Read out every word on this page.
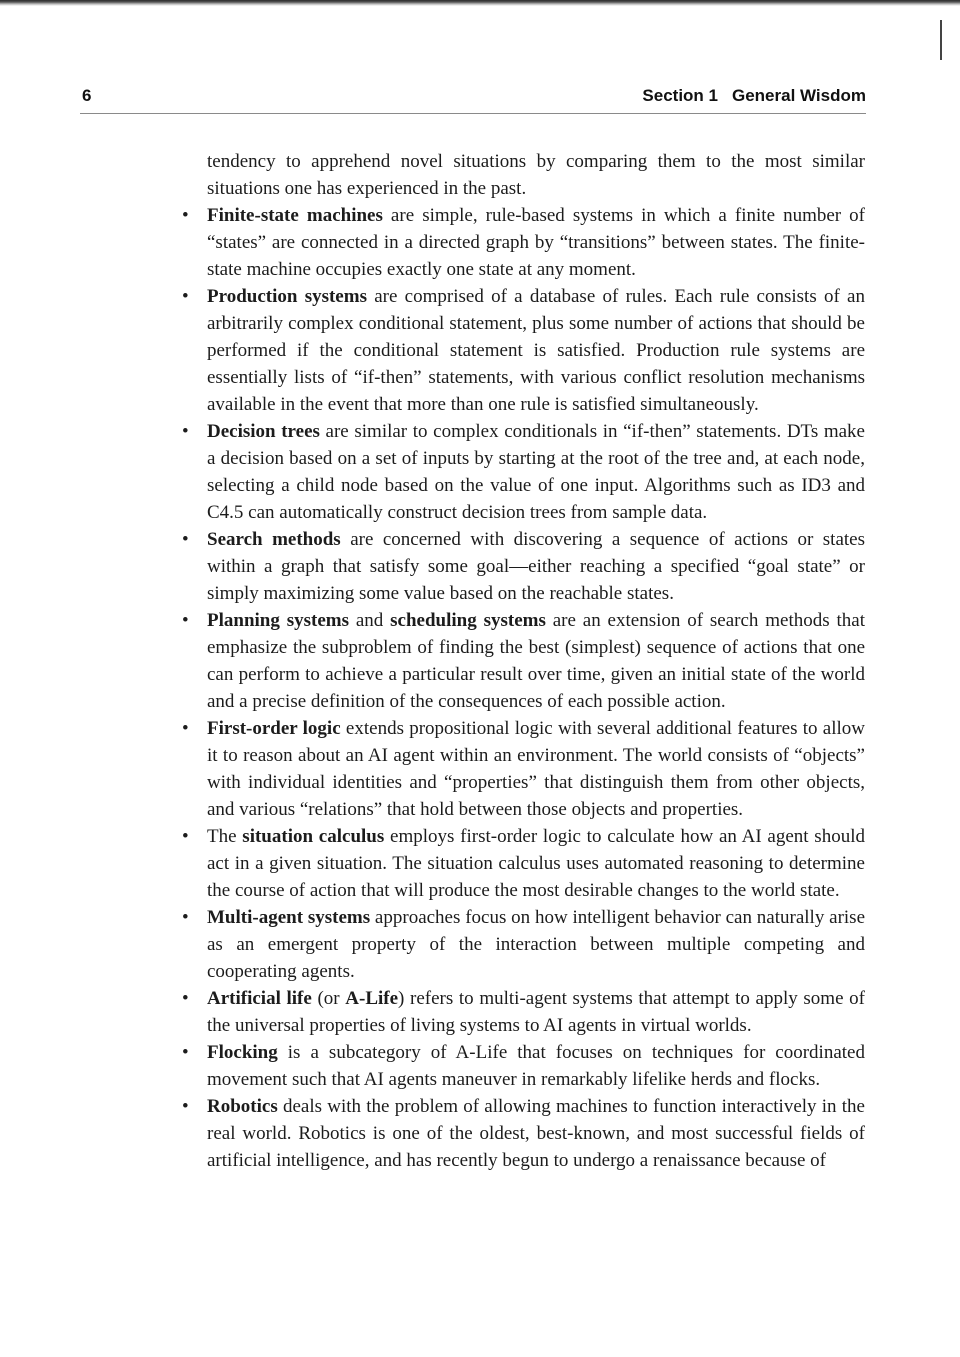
6	Section 1 General Wisdom

tendency to apprehend novel situations by comparing them to the most similar situations one has experienced in the past.

• Finite-state machines are simple, rule-based systems in which a finite number of “states” are connected in a directed graph by “transitions” between states. The finite-state machine occupies exactly one state at any moment.
• Production systems are comprised of a database of rules. Each rule consists of an arbitrarily complex conditional statement, plus some number of actions that should be performed if the conditional statement is satisfied. Production rule systems are essentially lists of “if-then” statements, with various conflict resolution mechanisms available in the event that more than one rule is satisfied simultaneously.
• Decision trees are similar to complex conditionals in “if-then” statements. DTs make a decision based on a set of inputs by starting at the root of the tree and, at each node, selecting a child node based on the value of one input. Algorithms such as ID3 and C4.5 can automatically construct decision trees from sample data.
• Search methods are concerned with discovering a sequence of actions or states within a graph that satisfy some goal—either reaching a specified “goal state” or simply maximizing some value based on the reachable states.
• Planning systems and scheduling systems are an extension of search methods that emphasize the subproblem of finding the best (simplest) sequence of actions that one can perform to achieve a particular result over time, given an initial state of the world and a precise definition of the consequences of each possible action.
• First-order logic extends propositional logic with several additional features to allow it to reason about an AI agent within an environment. The world consists of “objects” with individual identities and “properties” that distinguish them from other objects, and various “relations” that hold between those objects and properties.
• The situation calculus employs first-order logic to calculate how an AI agent should act in a given situation. The situation calculus uses automated reasoning to determine the course of action that will produce the most desirable changes to the world state.
• Multi-agent systems approaches focus on how intelligent behavior can naturally arise as an emergent property of the interaction between multiple competing and cooperating agents.
• Artificial life (or A-Life) refers to multi-agent systems that attempt to apply some of the universal properties of living systems to AI agents in virtual worlds.
• Flocking is a subcategory of A-Life that focuses on techniques for coordinated movement such that AI agents maneuver in remarkably lifelike herds and flocks.
• Robotics deals with the problem of allowing machines to function interactively in the real world. Robotics is one of the oldest, best-known, and most successful fields of artificial intelligence, and has recently begun to undergo a renaissance because of
